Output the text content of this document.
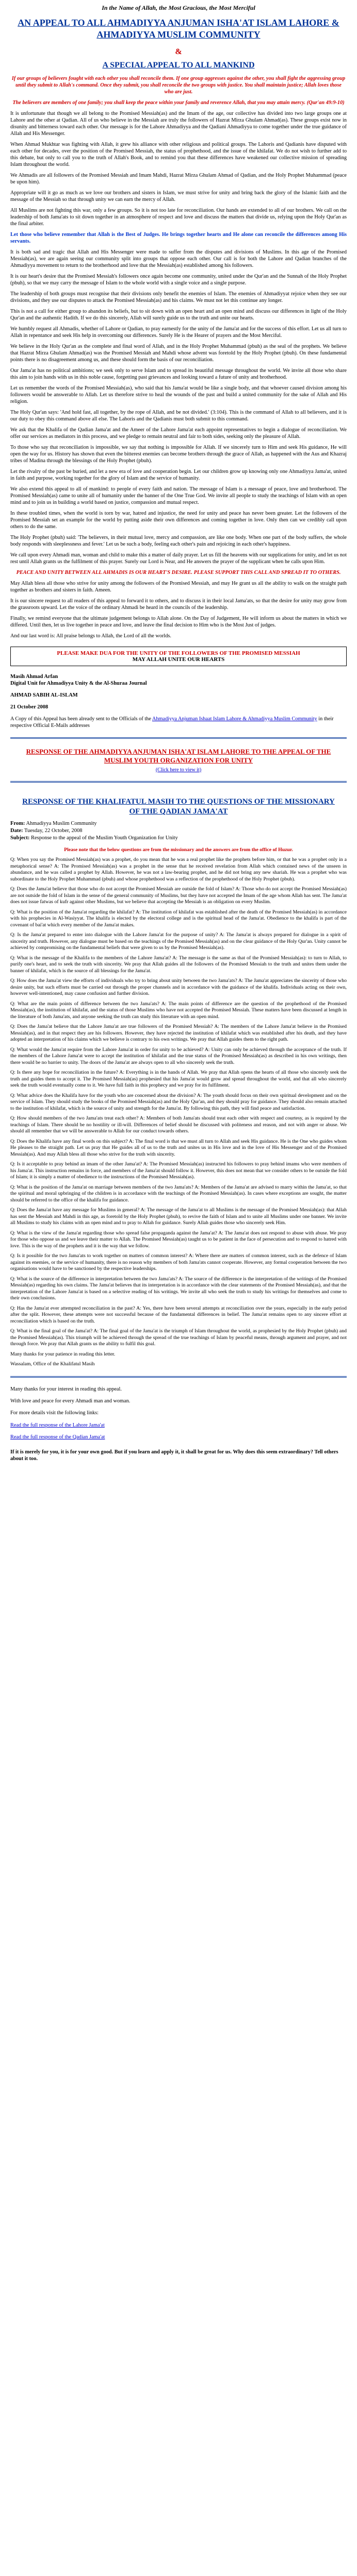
In the Name of Allah, the Most Gracious, the Most Merciful
AN APPEAL TO ALL AHMADIYYA ANJUMAN ISHA'AT ISLAM LAHORE & AHMADIYYA MUSLIM COMMUNITY
&
A SPECIAL APPEAL TO ALL MANKIND

If our groups of believers fought with each other you shall reconcile them. If one group aggresses against the other, you shall fight the aggressing group until they submit to Allah's command. Once they submit, you shall reconcile the two groups with justice. You shall maintain justice; Allah loves those who are just.

The believers are members of one family; you shall keep the peace within your family and reverence Allah, that you may attain mercy. (Qur'an 49:9-10)

It is unfortunate that though we all belong to the Promised Messiah(as) and the Imam of the age, our collective has divided into two large groups one at Lahore and the other at Qadian. All of us who believe in the Messiah are truly the followers of Hazrat Mirza Ghulam Ahmad(as). These groups exist now in disunity and bitterness toward each other. Our message is for the Lahore Ahmadiyya and the Qadiani Ahmadiyya to come together under the true guidance of Allah and His Messenger.

When Ahmad Mukhtar was fighting with Allah, it grew his alliance with other religious and political groups. The Lahoris and Qadianis have disputed with each other for decades, over the position of the Promised Messiah, the status of prophethood, and the issue of the khilafat. We do not wish to further add to this debate, but only to call you to the truth of Allah's Book, and to remind you that these differences have weakened our collective mission of spreading Islam throughout the world.

We Ahmadis are all followers of the Promised Messiah and Imam Mahdi, Hazrat Mirza Ghulam Ahmad of Qadian, and the Holy Prophet Muhammad (peace be upon him).

Appropriate will it go as much as we love our brothers and sisters in Islam, we must strive for unity and bring back the glory of the Islamic faith and the message of the Messiah so that through unity we can earn the mercy of Allah.

All Muslims are not fighting this war, only a few groups. So it is not too late for reconciliation. Our hands are extended to all of our brothers. We call on the leadership of both Jama'ats to sit down together in an atmosphere of respect and love and discuss the matters that divide us, relying upon the Holy Qur'an as the final arbiter.

Let those who believe remember that Allah is the Best of Judges. He brings together hearts and He alone can reconcile the differences among His servants.

It is both sad and tragic that Allah and His Messenger were made to suffer from the disputes and divisions of Muslims. In this age of the Promised Messiah(as), we are again seeing our community split into groups that oppose each other. Our call is for both the Lahore and Qadian branches of the Ahmadiyya movement to return to the brotherhood and love that the Messiah(as) established among his followers.

It is our heart's desire that the Promised Messiah's followers once again become one community, united under the Qur'an and the Sunnah of the Holy Prophet (pbuh), so that we may carry the message of Islam to the whole world with a single voice and a single purpose.

The leadership of both groups must recognise that their divisions only benefit the enemies of Islam. The enemies of Ahmadiyyat rejoice when they see our divisions, and they use our disputes to attack the Promised Messiah(as) and his claims. We must not let this continue any longer.

This is not a call for either group to abandon its beliefs, but to sit down with an open heart and an open mind and discuss our differences in light of the Holy Qur'an and the authentic Hadith. If we do this sincerely, Allah will surely guide us to the truth and unite our hearts.

We humbly request all Ahmadis, whether of Lahore or Qadian, to pray earnestly for the unity of the Jama'at and for the success of this effort. Let us all turn to Allah in repentance and seek His help in overcoming our differences. Surely He is the Hearer of prayers and the Most Merciful.

We believe in the Holy Qur'an as the complete and final word of Allah, and in the Holy Prophet Muhammad (pbuh) as the seal of the prophets. We believe that Hazrat Mirza Ghulam Ahmad(as) was the Promised Messiah and Mahdi whose advent was foretold by the Holy Prophet (pbuh). On these fundamental points there is no disagreement among us, and these should form the basis of our reconciliation.

Our Jama'at has no political ambitions; we seek only to serve Islam and to spread its beautiful message throughout the world. We invite all those who share this aim to join hands with us in this noble cause, forgetting past grievances and looking toward a future of unity and brotherhood.

Let us remember the words of the Promised Messiah(as), who said that his Jama'at would be like a single body, and that whoever caused division among his followers would be answerable to Allah. Let us therefore strive to heal the wounds of the past and build a united community for the sake of Allah and His religion.

The Holy Qur'an says: 'And hold fast, all together, by the rope of Allah, and be not divided.' (3:104). This is the command of Allah to all believers, and it is our duty to obey this command above all else. The Lahoris and the Qadianis must both submit to this command.

We ask that the Khalifa of the Qadian Jama'at and the Ameer of the Lahore Jama'at each appoint representatives to begin a dialogue of reconciliation. We offer our services as mediators in this process, and we pledge to remain neutral and fair to both sides, seeking only the pleasure of Allah.

To those who say that reconciliation is impossible, we say that nothing is impossible for Allah. If we sincerely turn to Him and seek His guidance, He will open the way for us. History has shown that even the bitterest enemies can become brothers through the grace of Allah, as happened with the Aus and Khazraj tribes of Madina through the blessings of the Holy Prophet (pbuh).

Let the rivalry of the past be buried, and let a new era of love and cooperation begin. Let our children grow up knowing only one Ahmadiyya Jama'at, united in faith and purpose, working together for the glory of Islam and the service of humanity.

We also extend this appeal to all of mankind: to people of every faith and nation. The message of Islam is a message of peace, love and brotherhood. The Promised Messiah(as) came to unite all of humanity under the banner of the One True God. We invite all people to study the teachings of Islam with an open mind and to join us in building a world based on justice, compassion and mutual respect.

In these troubled times, when the world is torn by war, hatred and injustice, the need for unity and peace has never been greater. Let the followers of the Promised Messiah set an example for the world by putting aside their own differences and coming together in love. Only then can we credibly call upon others to do the same.

The Holy Prophet (pbuh) said: 'The believers, in their mutual love, mercy and compassion, are like one body. When one part of the body suffers, the whole body responds with sleeplessness and fever.' Let us be such a body, feeling each other's pain and rejoicing in each other's happiness.

We call upon every Ahmadi man, woman and child to make this a matter of daily prayer. Let us fill the heavens with our supplications for unity, and let us not rest until Allah grants us the fulfilment of this prayer. Surely our Lord is Near, and He answers the prayer of the supplicant when he calls upon Him.

PEACE AND UNITY BETWEEN ALL AHMADIS IS OUR HEART'S DESIRE. PLEASE SUPPORT THIS CALL AND SPREAD IT TO OTHERS.

May Allah bless all those who strive for unity among the followers of the Promised Messiah, and may He grant us all the ability to walk on the straight path together as brothers and sisters in faith. Ameen.

It is our sincere request to all readers of this appeal to forward it to others, and to discuss it in their local Jama'ats, so that the desire for unity may grow from the grassroots upward. Let the voice of the ordinary Ahmadi be heard in the councils of the leadership.

Finally, we remind everyone that the ultimate judgement belongs to Allah alone. On the Day of Judgement, He will inform us about the matters in which we differed. Until then, let us live together in peace and love, and leave the final decision to Him who is the Most Just of judges.

And our last word is: All praise belongs to Allah, the Lord of all the worlds.

PLEASE MAKE DUA FOR THE UNITY OF THE FOLLOWERS OF THE PROMISED MESSIAH
MAY ALLAH UNITE OUR HEARTS
Masih Ahmad Arfan
Digital Unit for Ahmadiyya Unity & the Al-Shuraa Journal
AHMAD SABIH AL-ISLAM
21 October 2008
A Copy of this Appeal has been already sent to the Officials of the Ahmadiyya Anjuman Ishaat Islam Lahore & Ahmadiyya Muslim Community in their respective Official E-Mails addresses
RESPONSE OF THE AHMADIYYA ANJUMAN ISHA'AT ISLAM LAHORE TO THE APPEAL OF THE MUSLIM YOUTH ORGANIZATION FOR UNITY
(Click here to view it)
RESPONSE OF THE KHALIFATUL MASIH TO THE QUESTIONS OF THE MISSIONARY OF THE QADIAN JAMA'AT
From: Ahmadiyya Muslim Community
Date: Tuesday, 22 October, 2008
Subject: Response to the appeal of the Muslim Youth Organization for Unity

Please note that the below questions are from the missionary and the answers are from the office of Huzur.

Q: When you say the Promised Messiah(as) was a prophet, do you mean that he was a real prophet like the prophets before him, or that he was a prophet only in a metaphorical sense? A: The Promised Messiah(as) was a prophet in the sense that he received revelation from Allah which contained news of the unseen in abundance, and he was called a prophet by Allah. However, he was not a law-bearing prophet, and he did not bring any new shariah. He was a prophet who was subordinate to the Holy Prophet Muhammad (pbuh) and whose prophethood was a reflection of the prophethood of the Holy Prophet (pbuh).

Q: Does the Jama'at believe that those who do not accept the Promised Messiah are outside the fold of Islam? A: Those who do not accept the Promised Messiah(as) are not outside the fold of Islam in the sense of the general community of Muslims, but they have not accepted the Imam of the age whom Allah has sent. The Jama'at does not issue fatwas of kufr against other Muslims, but we believe that accepting the Messiah is an obligation on every Muslim.

Q: What is the position of the Jama'at regarding the khilafat? A: The institution of khilafat was established after the death of the Promised Messiah(as) in accordance with his prophecies in Al-Wasiyyat. The khalifa is elected by the electoral college and is the spiritual head of the Jama'at. Obedience to the khalifa is part of the covenant of bai'at which every member of the Jama'at makes.

Q: Is the Jama'at prepared to enter into dialogue with the Lahore Jama'at for the purpose of unity? A: The Jama'at is always prepared for dialogue in a spirit of sincerity and truth. However, any dialogue must be based on the teachings of the Promised Messiah(as) and on the clear guidance of the Holy Qur'an. Unity cannot be achieved by compromising on the fundamental beliefs that were given to us by the Promised Messiah(as).

Q: What is the message of the Khalifa to the members of the Lahore Jama'at? A: The message is the same as that of the Promised Messiah(as): to turn to Allah, to purify one's heart, and to seek the truth with sincerity. We pray that Allah guides all the followers of the Promised Messiah to the truth and unites them under the banner of khilafat, which is the source of all blessings for the Jama'at.

Q: How does the Jama'at view the efforts of individuals who try to bring about unity between the two Jama'ats? A: The Jama'at appreciates the sincerity of those who desire unity, but such efforts must be carried out through the proper channels and in accordance with the guidance of the khalifa. Individuals acting on their own, however well-intentioned, may cause confusion and further division.

Q: What are the main points of difference between the two Jama'ats? A: The main points of difference are the question of the prophethood of the Promised Messiah(as), the institution of khilafat, and the status of those Muslims who have not accepted the Promised Messiah. These matters have been discussed at length in the literature of both Jama'ats, and anyone seeking the truth can study this literature with an open mind.

Q: Does the Jama'at believe that the Lahore Jama'at are true followers of the Promised Messiah? A: The members of the Lahore Jama'at believe in the Promised Messiah(as), and in that respect they are his followers. However, they have rejected the institution of khilafat which was established after his death, and they have adopted an interpretation of his claims which we believe is contrary to his own writings. We pray that Allah guides them to the right path.

Q: What would the Jama'at require from the Lahore Jama'at in order for unity to be achieved? A: Unity can only be achieved through the acceptance of the truth. If the members of the Lahore Jama'at were to accept the institution of khilafat and the true status of the Promised Messiah(as) as described in his own writings, then there would be no barrier to unity. The doors of the Jama'at are always open to all who sincerely seek the truth.

Q: Is there any hope for reconciliation in the future? A: Everything is in the hands of Allah. We pray that Allah opens the hearts of all those who sincerely seek the truth and guides them to accept it. The Promised Messiah(as) prophesied that his Jama'at would grow and spread throughout the world, and that all who sincerely seek the truth would eventually come to it. We have full faith in this prophecy and we pray for its fulfilment.

Q: What advice does the Khalifa have for the youth who are concerned about the division? A: The youth should focus on their own spiritual development and on the service of Islam. They should study the books of the Promised Messiah(as) and the Holy Qur'an, and they should pray for guidance. They should also remain attached to the institution of khilafat, which is the source of unity and strength for the Jama'at. By following this path, they will find peace and satisfaction.

Q: How should members of the two Jama'ats treat each other? A: Members of both Jama'ats should treat each other with respect and courtesy, as is required by the teachings of Islam. There should be no hostility or ill-will. Differences of belief should be discussed with politeness and reason, and not with anger or abuse. We should all remember that we will be answerable to Allah for our conduct towards others.

Q: Does the Khalifa have any final words on this subject? A: The final word is that we must all turn to Allah and seek His guidance. He is the One who guides whom He pleases to the straight path. Let us pray that He guides all of us to the truth and unites us in His love and in the love of His Messenger and of the Promised Messiah(as). And may Allah bless all those who strive for the truth with sincerity.

Q: Is it acceptable to pray behind an imam of the other Jama'at? A: The Promised Messiah(as) instructed his followers to pray behind imams who were members of his Jama'at. This instruction remains in force, and members of the Jama'at should follow it. However, this does not mean that we consider others to be outside the fold of Islam; it is simply a matter of obedience to the instructions of the Promised Messiah(as).

Q: What is the position of the Jama'at on marriage between members of the two Jama'ats? A: Members of the Jama'at are advised to marry within the Jama'at, so that the spiritual and moral upbringing of the children is in accordance with the teachings of the Promised Messiah(as). In cases where exceptions are sought, the matter should be referred to the office of the khalifa for guidance.

Q: Does the Jama'at have any message for Muslims in general? A: The message of the Jama'at to all Muslims is the message of the Promised Messiah(as): that Allah has sent the Messiah and Mahdi in this age, as foretold by the Holy Prophet (pbuh), to revive the faith of Islam and to unite all Muslims under one banner. We invite all Muslims to study his claims with an open mind and to pray to Allah for guidance. Surely Allah guides those who sincerely seek Him.

Q: What is the view of the Jama'at regarding those who spread false propaganda against the Jama'at? A: The Jama'at does not respond to abuse with abuse. We pray for those who oppose us and we leave their matter to Allah. The Promised Messiah(as) taught us to be patient in the face of persecution and to respond to hatred with love. This is the way of the prophets and it is the way that we follow.

Q: Is it possible for the two Jama'ats to work together on matters of common interest? A: Where there are matters of common interest, such as the defence of Islam against its enemies, or the service of humanity, there is no reason why members of both Jama'ats cannot cooperate. However, any formal cooperation between the two organisations would have to be sanctioned by the respective leaderships.

Q: What is the source of the difference in interpretation between the two Jama'ats? A: The source of the difference is the interpretation of the writings of the Promised Messiah(as) regarding his own claims. The Jama'at believes that its interpretation is in accordance with the clear statements of the Promised Messiah(as), and that the interpretation of the Lahore Jama'at is based on a selective reading of his writings. We invite all who seek the truth to study his writings for themselves and come to their own conclusions.

Q: Has the Jama'at ever attempted reconciliation in the past? A: Yes, there have been several attempts at reconciliation over the years, especially in the early period after the split. However, these attempts were not successful because of the fundamental differences in belief. The Jama'at remains open to any sincere effort at reconciliation which is based on the truth.

Q: What is the final goal of the Jama'at? A: The final goal of the Jama'at is the triumph of Islam throughout the world, as prophesied by the Holy Prophet (pbuh) and the Promised Messiah(as). This triumph will be achieved through the spread of the true teachings of Islam by peaceful means, through argument and prayer, and not through force. We pray that Allah grants us the ability to fulfil this goal.

Many thanks for your patience in reading this letter.

Wassalam, Office of the Khalifatul Masih

Many thanks for your interest in reading this appeal.

With love and peace for every Ahmadi man and woman.

For more details visit the following links:

Read the full response of the Lahore Jama'at

Read the full response of the Qadian Jama'at

If it is merely for you, it is for your own good. But if you learn and apply it, it shall be great for us. Why does this seem extraordinary? Tell others about it too.
